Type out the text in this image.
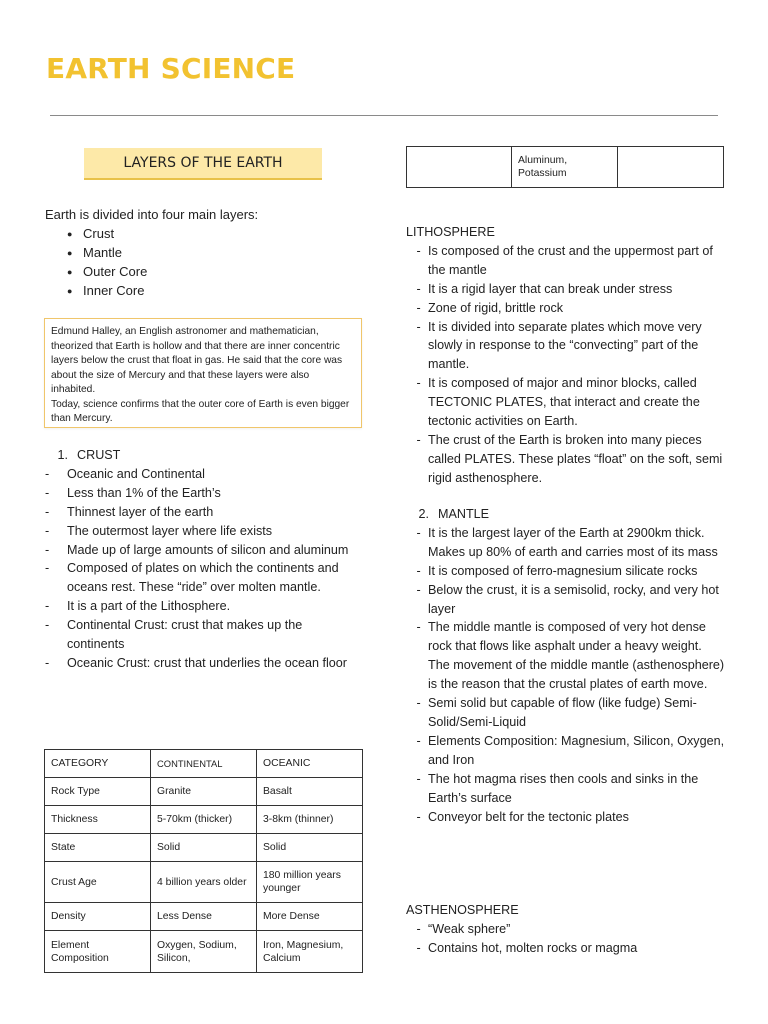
EARTH SCIENCE
LAYERS OF THE EARTH
Earth is divided into four main layers:
● Crust
● Mantle
● Outer Core
● Inner Core

Edmund Halley, an English astronomer and mathematician, theorized that Earth is hollow and that there are inner concentric layers below the crust that float in gas. He said that the core was about the size of Mercury and that these layers were also inhabited.

Today, science confirms that the outer core of Earth is even bigger than Mercury.

1. CRUST
-	Oceanic and Continental
-	Less than 1% of the Earth’s
-	Thinnest layer of the earth
-	The outermost layer where life exists
-	Made up of large amounts of silicon and aluminum
-	Composed of plates on which the continents and oceans rest. These “ride” over molten mantle.
-	It is a part of the Lithosphere.
-	Continental Crust: crust that makes up the continents
-	Oceanic Crust: crust that underlies the ocean floor
CATEGORY	CONTINENTAL	OCEANIC
Rock Type	Granite	Basalt
Thickness	5-70km (thicker)	3-8km (thinner)
State	Solid	Solid
Crust Age	4 billion years older	180 million years younger
Density	Less Dense	More Dense
Element Composition	Oxygen, Sodium, Silicon,	Iron, Magnesium, Calcium
	Aluminum, Potassium	
LITHOSPHERE
- Is composed of the crust and the uppermost part of the mantle
- It is a rigid layer that can break under stress
- Zone of rigid, brittle rock
- It is divided into separate plates which move very slowly in response to the “convecting” part of the mantle.
- It is composed of major and minor blocks, called TECTONIC PLATES, that interact and create the tectonic activities on Earth.
- The crust of the Earth is broken into many pieces called PLATES. These plates “float” on the soft, semi rigid asthenosphere.
2. MANTLE
- It is the largest layer of the Earth at 2900km thick. Makes up 80% of earth and carries most of its mass
- It is composed of ferro-magnesium silicate rocks
- Below the crust, it is a semisolid, rocky, and very hot layer
- The middle mantle is composed of very hot dense rock that flows like asphalt under a heavy weight. The movement of the middle mantle (asthenosphere) is the reason that the crustal plates of earth move.
- Semi solid but capable of flow (like fudge) Semi-Solid/Semi-Liquid
- Elements Composition: Magnesium, Silicon, Oxygen, and Iron
- The hot magma rises then cools and sinks in the Earth’s surface
- Conveyor belt for the tectonic plates
ASTHENOSPHERE
- “Weak sphere”
- Contains hot, molten rocks or magma
